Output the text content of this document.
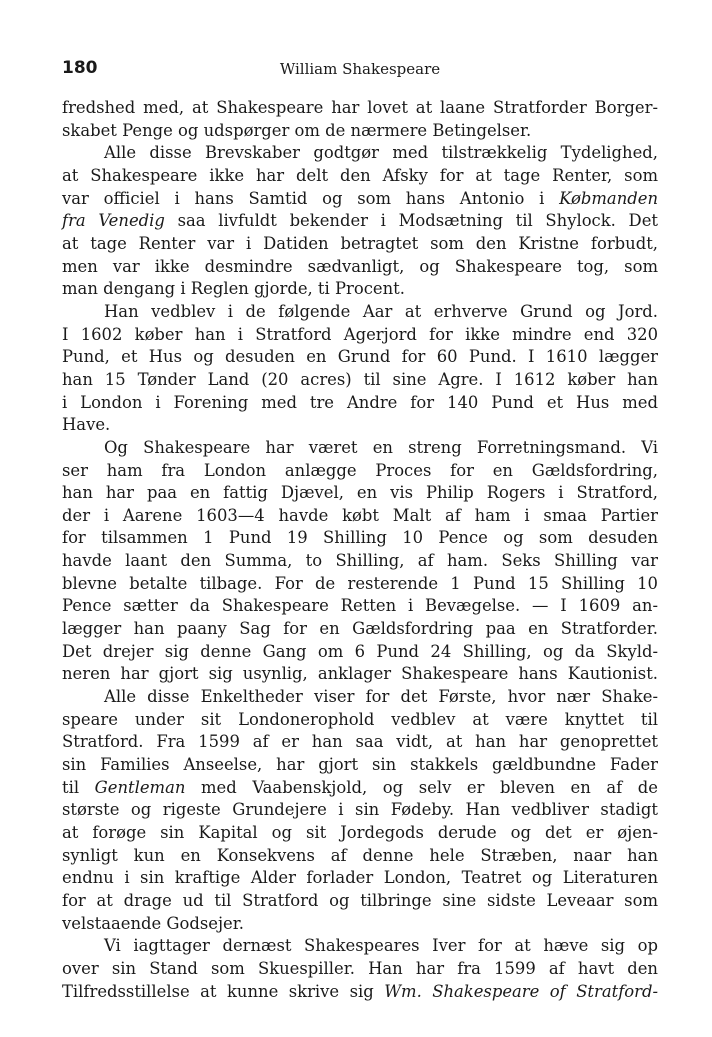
180	William Shakespeare

fredshed med, at Shakespeare har lovet at laane Stratforder Borger-
skabet Penge og udspørger om de nærmere Betingelser.

Alle disse Brevskaber godtgør med tilstrækkelig Tydelighed,
at Shakespeare ikke har delt den Afsky for at tage Renter, som
var officiel i hans Samtid og som hans Antonio i Købmanden
fra Venedig saa livfuldt bekender i Modsætning til Shylock. Det
at tage Renter var i Datiden betragtet som den Kristne forbudt,
men var ikke desmindre sædvanligt, og Shakespeare tog, som
man dengang i Reglen gjorde, ti Procent.

Han vedblev i de følgende Aar at erhverve Grund og Jord.
I 1602 køber han i Stratford Agerjord for ikke mindre end 320
Pund, et Hus og desuden en Grund for 60 Pund. I 1610 lægger
han 15 Tønder Land (20 acres) til sine Agre. I 1612 køber han
i London i Forening med tre Andre for 140 Pund et Hus med
Have.

Og Shakespeare har været en streng Forretningsmand. Vi
ser ham fra London anlægge Proces for en Gældsfordring,
han har paa en fattig Djævel, en vis Philip Rogers i Stratford,
der i Aarene 1603—4 havde købt Malt af ham i smaa Partier
for tilsammen 1 Pund 19 Shilling 10 Pence og som desuden
havde laant den Summa, to Shilling, af ham. Seks Shilling var
blevne betalte tilbage. For de resterende 1 Pund 15 Shilling 10
Pence sætter da Shakespeare Retten i Bevægelse. — I 1609 an-
lægger han paany Sag for en Gældsfordring paa en Stratforder.
Det drejer sig denne Gang om 6 Pund 24 Shilling, og da Skyld-
neren har gjort sig usynlig, anklager Shakespeare hans Kautionist.

Alle disse Enkeltheder viser for det Første, hvor nær Shake-
speare under sit Londonerophold vedblev at være knyttet til
Stratford. Fra 1599 af er han saa vidt, at han har genoprettet
sin Families Anseelse, har gjort sin stakkels gældbundne Fader
til Gentleman med Vaabenskjold, og selv er bleven en af de
største og rigeste Grundejere i sin Fødeby. Han vedbliver stadigt
at forøge sin Kapital og sit Jordegods derude og det er øjen-
synligt kun en Konsekvens af denne hele Stræben, naar han
endnu i sin kraftige Alder forlader London, Teatret og Literaturen
for at drage ud til Stratford og tilbringe sine sidste Leveaar som
velstaaende Godsejer.

Vi iagttager dernæst Shakespeares Iver for at hæve sig op
over sin Stand som Skuespiller. Han har fra 1599 af havt den
Tilfredsstillelse at kunne skrive sig Wm. Shakespeare of Stratford-
